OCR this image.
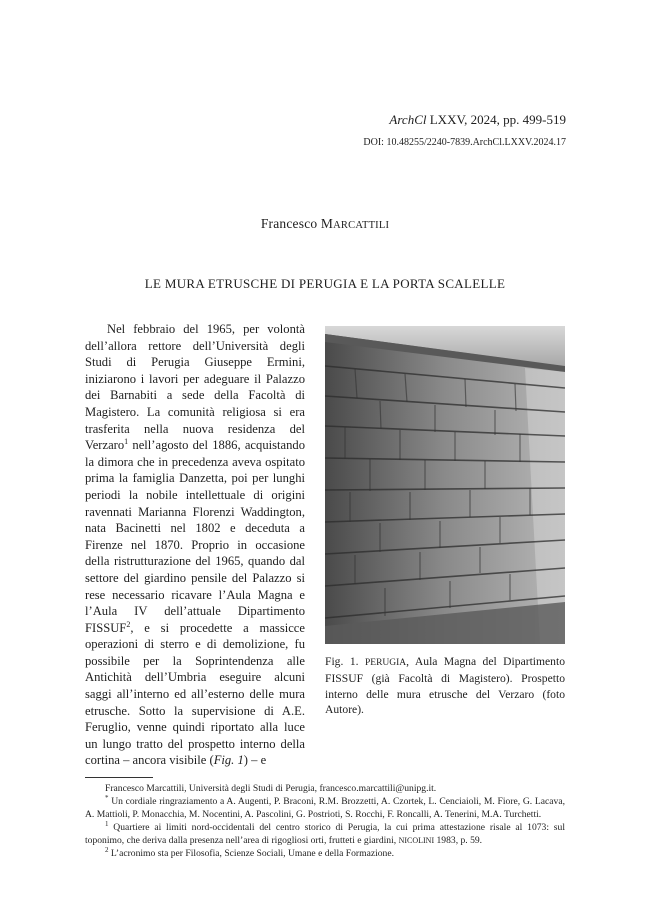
ArchCl LXXV, 2024, pp. 499-519
DOI: 10.48255/2240-7839.ArchCl.LXXV.2024.17
Francesco MARCATTILI
LE MURA ETRUSCHE DI PERUGIA E LA PORTA SCALELLE

Nel febbraio del 1965, per volontà dell’allora rettore dell’Università degli Studi di Perugia Giuseppe Ermini, iniziarono i lavori per adeguare il Palazzo dei Barnabiti a sede della Facoltà di Magistero. La comunità religiosa si era trasferita nella nuova residenza del Verzaro$^1$ nell’agosto del 1886, acquistando la dimora che in precedenza aveva ospitato prima la famiglia Danzetta, poi per lunghi periodi la nobile intellettuale di origini ravennati Marianna Florenzi Waddington, nata Bacinetti nel 1802 e deceduta a Firenze nel 1870. Proprio in occasione della ristrutturazione del 1965, quando dal settore del giardino pensile del Palazzo si rese necessario ricavare l’Aula Magna e l’Aula IV dell’attuale Dipartimento FISSUF$^2$, e si procedette a massicce operazioni di sterro e di demolizione, fu possibile per la Soprintendenza alle Antichità dell’Umbria eseguire alcuni saggi all’interno ed all’esterno delle mura etrusche. Sotto la supervisione di A.E. Feruglio, venne quindi riportato alla luce un lungo tratto del prospetto interno della cortina – ancora visibile (Fig. 1) – e

Fig. 1. PERUGIA, Aula Magna del Dipartimento FISSUF (già Facoltà di Magistero). Prospetto interno delle mura etrusche del Verzaro (foto Autore).

Francesco Marcattili, Università degli Studi di Perugia, francesco.marcattili@unipg.it.

* Un cordiale ringraziamento a A. Augenti, P. Braconi, R.M. Brozzetti, A. Czortek, L. Cenciaioli, M. Fiore, G. Lacava, A. Mattioli, P. Monacchia, M. Nocentini, A. Pascolini, G. Postrioti, S. Rocchi, F. Roncalli, A. Tenerini, M.A. Turchetti.

$^1$ Quartiere ai limiti nord-occidentali del centro storico di Perugia, la cui prima attestazione risale al 1073: sul toponimo, che deriva dalla presenza nell’area di rigogliosi orti, frutteti e giardini, NICOLINI 1983, p. 59.

$^2$ L’acronimo sta per Filosofia, Scienze Sociali, Umane e della Formazione.
